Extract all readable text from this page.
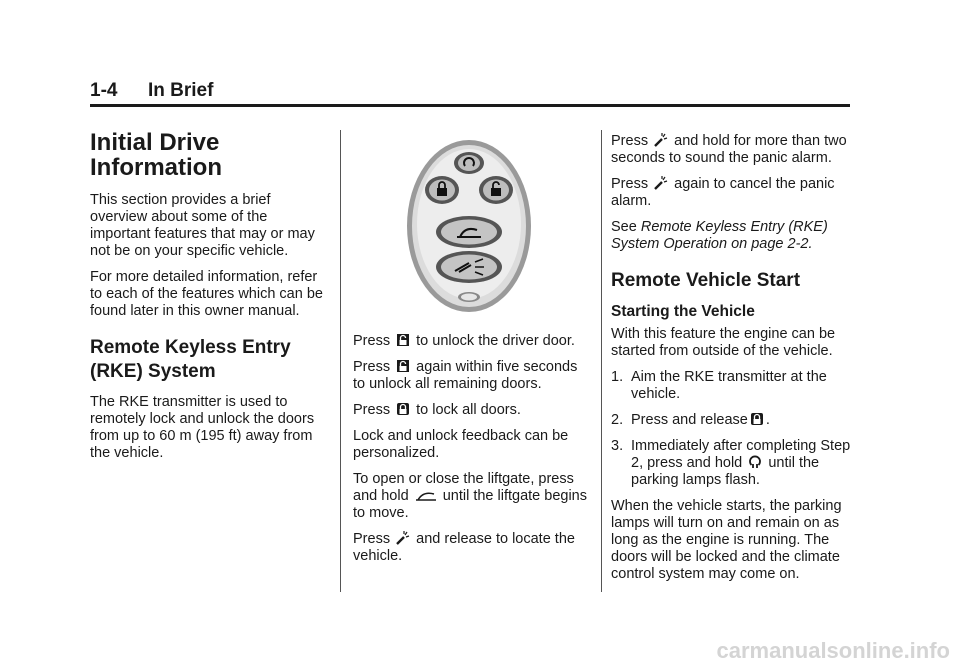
1-4 In Brief
Initial Drive Information

This section provides a brief overview about some of the important features that may or may not be on your specific vehicle.

For more detailed information, refer to each of the features which can be found later in this owner manual.

Remote Keyless Entry (RKE) System

The RKE transmitter is used to remotely lock and unlock the doors from up to 60 m (195 ft) away from the vehicle.

Press to unlock the driver door.

Press again within five seconds to unlock all remaining doors.

Press to lock all doors.

Lock and unlock feedback can be personalized.

To open or close the liftgate, press and hold until the liftgate begins to move.

Press and release to locate the vehicle.

Press and hold for more than two seconds to sound the panic alarm.

Press again to cancel the panic alarm.

See Remote Keyless Entry (RKE) System Operation on page 2-2.

Remote Vehicle Start
Starting the Vehicle

With this feature the engine can be started from outside of the vehicle.

1. Aim the RKE transmitter at the vehicle.
2. Press and release .
3. Immediately after completing Step 2, press and hold until the parking lamps flash.

When the vehicle starts, the parking lamps will turn on and remain on as long as the engine is running. The doors will be locked and the climate control system may come on.

carmanualsonline.info
